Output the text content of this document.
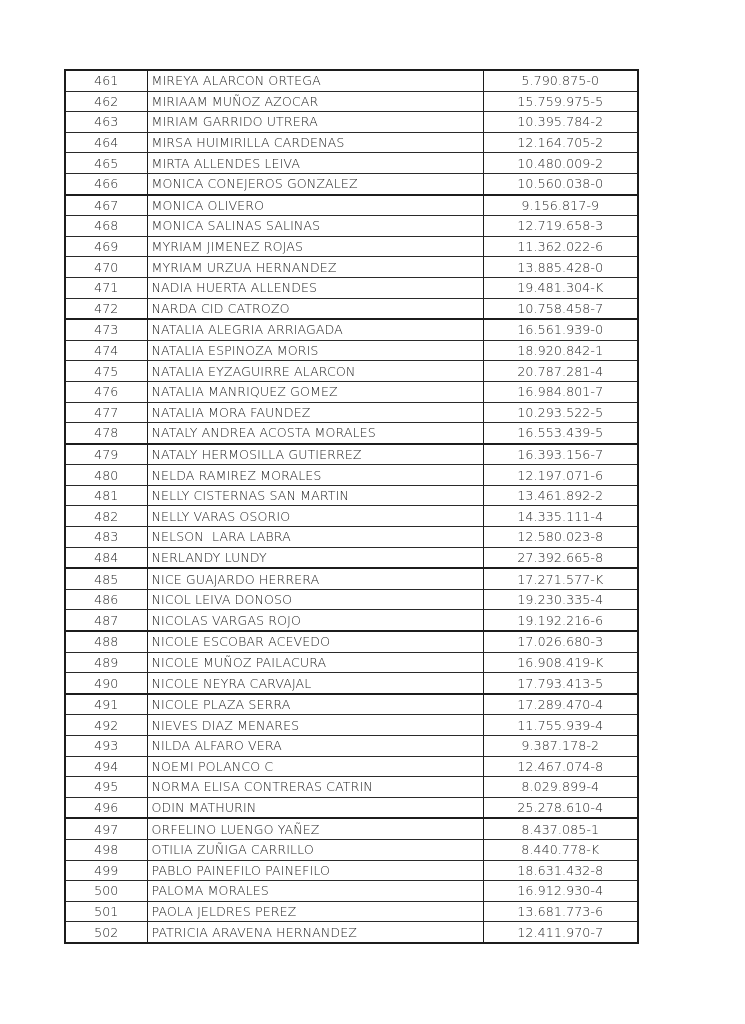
461	MIREYA ALARCON ORTEGA	5.790.875-0
462	MIRIAAM MUÑOZ AZOCAR	15.759.975-5
463	MIRIAM GARRIDO UTRERA	10.395.784-2
464	MIRSA HUIMIRILLA CARDENAS	12.164.705-2
465	MIRTA ALLENDES LEIVA	10.480.009-2
466	MONICA CONEJEROS GONZALEZ	10.560.038-0
467	MONICA OLIVERO	9.156.817-9
468	MONICA SALINAS SALINAS	12.719.658-3
469	MYRIAM JIMENEZ ROJAS	11.362.022-6
470	MYRIAM URZUA HERNANDEZ	13.885.428-0
471	NADIA HUERTA ALLENDES	19.481.304-K
472	NARDA CID CATROZO	10.758.458-7
473	NATALIA ALEGRIA ARRIAGADA	16.561.939-0
474	NATALIA ESPINOZA MORIS	18.920.842-1
475	NATALIA EYZAGUIRRE ALARCON	20.787.281-4
476	NATALIA MANRIQUEZ GOMEZ	16.984.801-7
477	NATALIA MORA FAUNDEZ	10.293.522-5
478	NATALY ANDREA ACOSTA MORALES	16.553.439-5
479	NATALY HERMOSILLA GUTIERREZ	16.393.156-7
480	NELDA RAMIREZ MORALES	12.197.071-6
481	NELLY CISTERNAS SAN MARTIN	13.461.892-2
482	NELLY VARAS OSORIO	14.335.111-4
483	NELSON  LARA LABRA	12.580.023-8
484	NERLANDY LUNDY	27.392.665-8
485	NICE GUAJARDO HERRERA	17.271.577-K
486	NICOL LEIVA DONOSO	19.230.335-4
487	NICOLAS VARGAS ROJO	19.192.216-6
488	NICOLE ESCOBAR ACEVEDO	17.026.680-3
489	NICOLE MUÑOZ PAILACURA	16.908.419-K
490	NICOLE NEYRA CARVAJAL	17.793.413-5
491	NICOLE PLAZA SERRA	17.289.470-4
492	NIEVES DIAZ MENARES	11.755.939-4
493	NILDA ALFARO VERA	9.387.178-2
494	NOEMI POLANCO C	12.467.074-8
495	NORMA ELISA CONTRERAS CATRIN	8.029.899-4
496	ODIN MATHURIN	25.278.610-4
497	ORFELINO LUENGO YAÑEZ	8.437.085-1
498	OTILIA ZUÑIGA CARRILLO	8.440.778-K
499	PABLO PAINEFILO PAINEFILO	18.631.432-8
500	PALOMA MORALES	16.912.930-4
501	PAOLA JELDRES PEREZ	13.681.773-6
502	PATRICIA ARAVENA HERNANDEZ	12.411.970-7
